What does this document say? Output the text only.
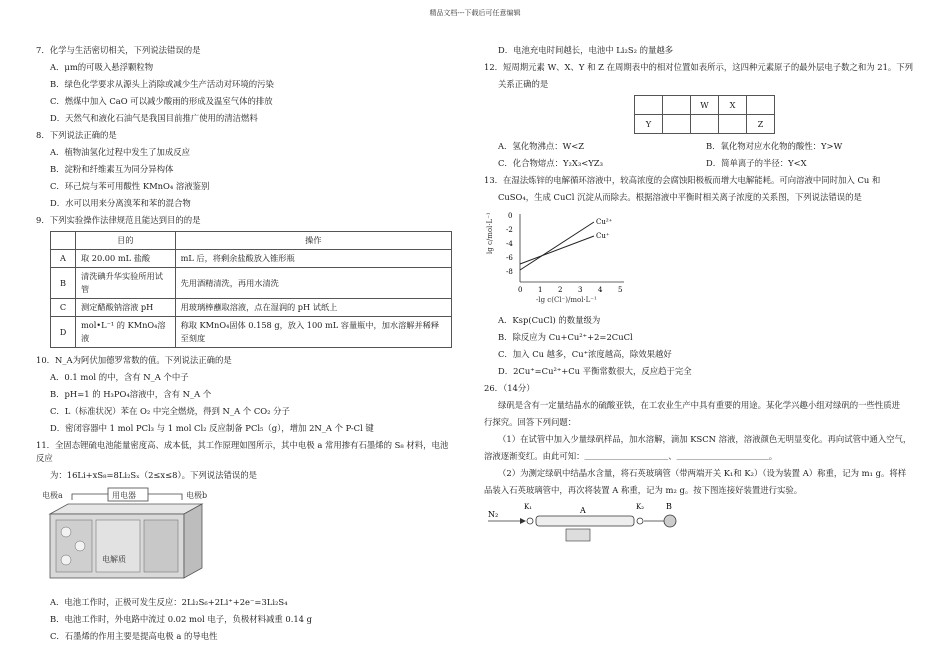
精品文档---下载后可任意编辑
7．化学与生活密切相关，下列说法错误的是
A．μm的可吸入悬浮颗粒物
B．绿色化学要求从源头上消除或减少生产活动对环境的污染
C．燃煤中加入 CaO 可以减少酸雨的形成及温室气体的排放
D．天然气和液化石油气是我国目前推广使用的清洁燃料
8．下列说法正确的是
A．植物油氢化过程中发生了加成反应
B．淀粉和纤维素互为同分异构体
C．环己烷与苯可用酸性 KMnO₄ 溶液鉴别
D．水可以用来分离溴苯和苯的混合物
9．下列实验操作法律规范且能达到目的的是
	目的	操作
A	取 20.00 mL 盐酸	mL 后，将剩余盐酸放入锥形瓶
B	清洗碘升华实验所用试管	先用酒精清洗，再用水清洗
C	测定醋酸钠溶液 pH	用玻璃棒蘸取溶液，点在湿润的 pH 试纸上
D	mol•L⁻¹ 的 KMnO₄溶液	称取 KMnO₄固体 0.158 g，放入 100 mL 容量瓶中，加水溶解并稀释至刻度
10．N_A为阿伏加德罗常数的值。下列说法正确的是
A．0.1 mol 的中，含有 N_A 个中子
B．pH=1 的 H₃PO₄溶液中，含有 N_A 个
C．L（标准状况）苯在 O₂ 中完全燃烧，得到 N_A 个 CO₂ 分子
D．密闭容器中 1 mol PCl₃ 与 1 mol Cl₂ 反应制备 PCl₅（g），增加 2N_A 个 P-Cl 键
11．全固态锂硫电池能量密度高、成本低，其工作原理如图所示，其中电极 a 常用掺有石墨烯的 S₈ 材料，电池反应
为：16Li+xS₈=8Li₂Sₓ（2≤x≤8）。下列说法错误的是
电极a	电极b
用电器
电解质
A．电池工作时，正极可发生反应：2Li₂S₆+2Li⁺+2e⁻=3Li₂S₄
B．电池工作时，外电路中流过 0.02 mol 电子，负极材料减重 0.14 g
C．石墨烯的作用主要是提高电极 a 的导电性
D．电池充电时间越长，电池中 Li₂S₂ 的量越多
12．短周期元素 W、X、Y 和 Z 在周期表中的相对位置如表所示，这四种元素原子的最外层电子数之和为 21。下列
关系正确的是
		W	X	
Y				Z
A．氢化物沸点：W<Z	B．氧化物对应水化物的酸性：Y>W
C．化合物熔点：Y₂X₃<YZ₃	D．简单离子的半径：Y<X
13．在湿法炼锌的电解循环溶液中，较高浓度的会腐蚀阳极板而增大电解能耗。可向溶液中同时加入 Cu 和
CuSO₄，生成 CuCl 沉淀从而除去。根据溶液中平衡时相关离子浓度的关系图，下列说法错误的是
lg c/mol·L⁻¹ 0
-2
-4
-6
-8
0 1 2 3 4 5
Cu²⁺
Cu⁺
-lg c(Cl⁻)/mol·L⁻¹
A．Ksp(CuCl) 的数量级为
B．除反应为 Cu+Cu²⁺+2=2CuCl
C．加入 Cu 越多，Cu⁺浓度越高，除效果越好
D．2Cu⁺=Cu²⁺+Cu 平衡常数很大，反应趋于完全
26．（14分）
绿矾是含有一定量结晶水的硫酸亚铁，在工农业生产中具有重要的用途。某化学兴趣小组对绿矾的一些性质进
行探究。回答下列问题：
（1）在试管中加入少量绿矾样品，加水溶解，滴加 KSCN 溶液，溶液颜色无明显变化。再向试管中通入空气，
溶液逐渐变红。由此可知：＿＿＿＿＿＿＿＿＿＿、＿＿＿＿＿＿＿＿＿＿＿。
（2）为测定绿矾中结晶水含量，将石英玻璃管（带两端开关 K₁和 K₂）（设为装置 A）称重，记为 m₁ g。将样
品装入石英玻璃管中，再次将装置 A 称重，记为 m₂ g。按下图连接好装置进行实验。
N₂
K₁	A	K₂	B
